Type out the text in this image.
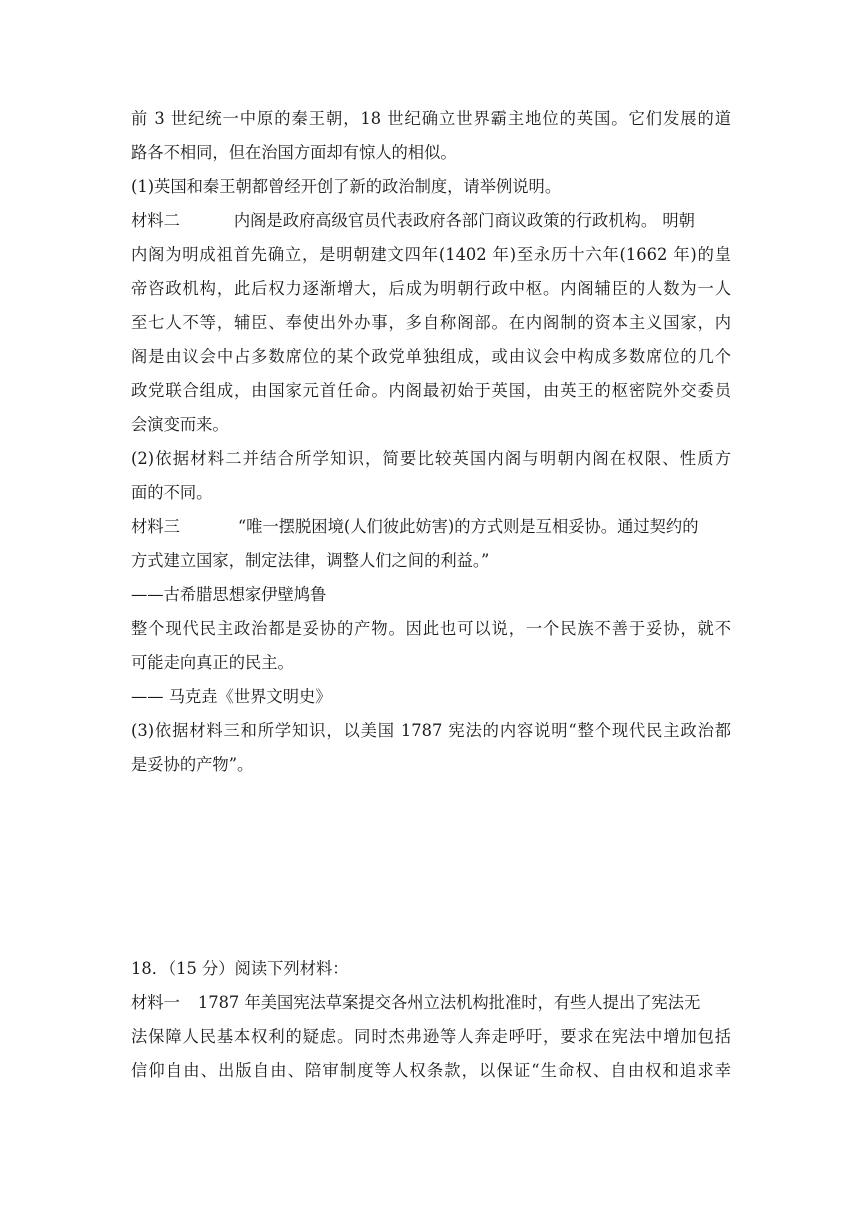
前 3 世纪统一中原的秦王朝，18 世纪确立世界霸主地位的英国。它们发展的道
路各不相同，但在治国方面却有惊人的相似。
(1)英国和秦王朝都曾经开创了新的政治制度，请举例说明。
材料二	内阁是政府高级官员代表政府各部门商议政策的行政机构。 明朝
内阁为明成祖首先确立，是明朝建文四年(1402 年)至永历十六年(1662 年)的皇
帝咨政机构，此后权力逐渐增大，后成为明朝行政中枢。内阁辅臣的人数为一人
至七人不等，辅臣、奉使出外办事，多自称阁部。在内阁制的资本主义国家，内
阁是由议会中占多数席位的某个政党单独组成，或由议会中构成多数席位的几个
政党联合组成，由国家元首任命。内阁最初始于英国，由英王的枢密院外交委员
会演变而来。
(2)依据材料二并结合所学知识，简要比较英国内阁与明朝内阁在权限、性质方
面的不同。
材料三	“唯一摆脱困境(人们彼此妨害)的方式则是互相妥协。通过契约的
方式建立国家，制定法律，调整人们之间的利益。”
——古希腊思想家伊壁鸠鲁
整个现代民主政治都是妥协的产物。因此也可以说，一个民族不善于妥协，就不
可能走向真正的民主。
—— 马克垚《世界文明史》
(3)依据材料三和所学知识，以美国 1787 宪法的内容说明“整个现代民主政治都
是妥协的产物”。
18．（15 分）阅读下列材料：
材料一 1787 年美国宪法草案提交各州立法机构批准时，有些人提出了宪法无
法保障人民基本权利的疑虑。同时杰弗逊等人奔走呼吁，要求在宪法中增加包括
信仰自由、出版自由、陪审制度等人权条款，以保证“生命权、自由权和追求幸
